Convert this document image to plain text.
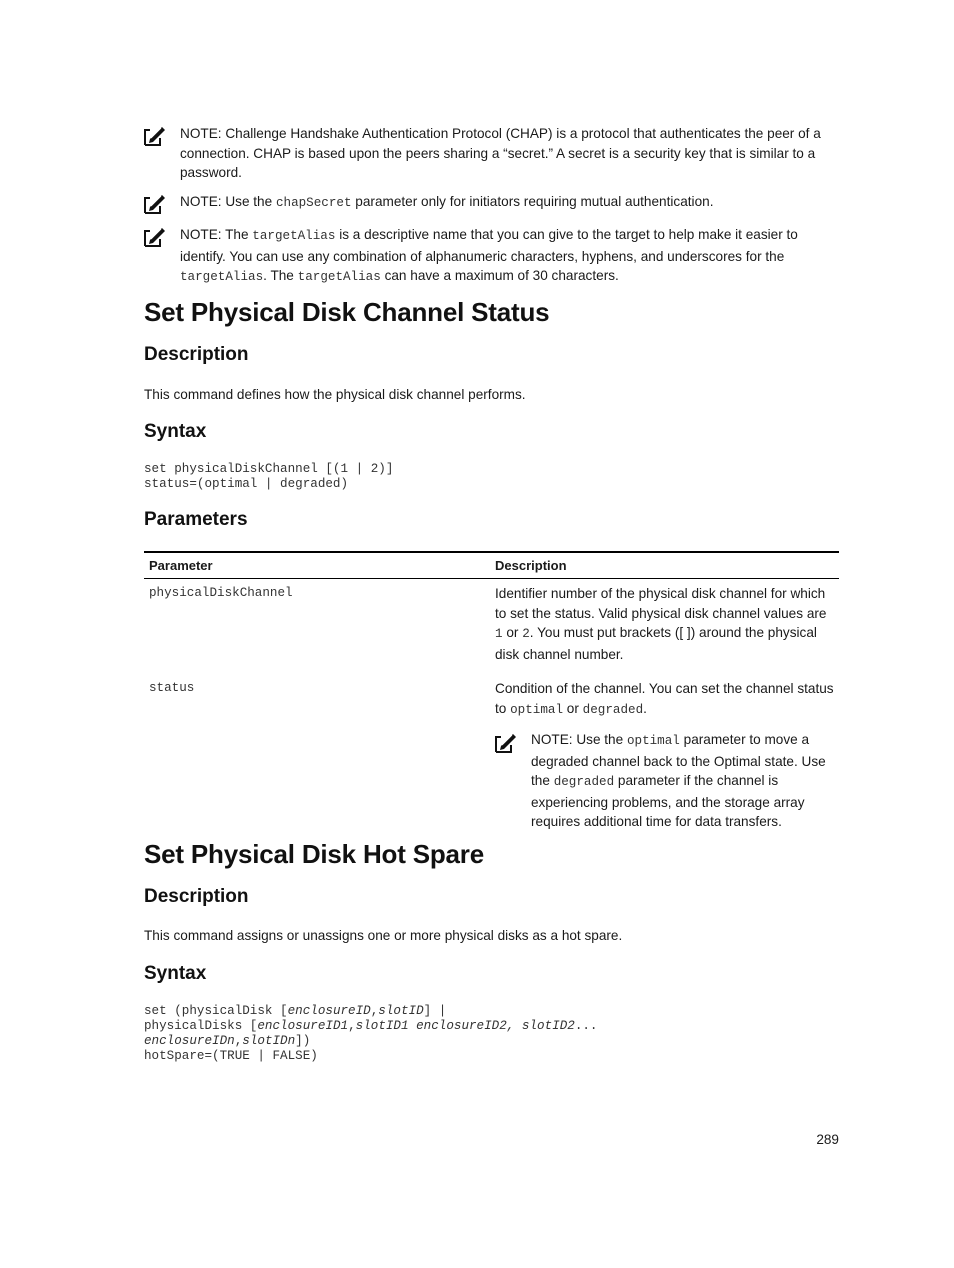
NOTE: Challenge Handshake Authentication Protocol (CHAP) is a protocol that authenticates the peer of a connection. CHAP is based upon the peers sharing a “secret.” A secret is a security key that is similar to a password.
NOTE: Use the chapSecret parameter only for initiators requiring mutual authentication.
NOTE: The targetAlias is a descriptive name that you can give to the target to help make it easier to identify. You can use any combination of alphanumeric characters, hyphens, and underscores for the targetAlias. The targetAlias can have a maximum of 30 characters.
Set Physical Disk Channel Status
Description
This command defines how the physical disk channel performs.
Syntax
set physicalDiskChannel [(1 | 2)]
status=(optimal | degraded)
Parameters
Parameter	Description
physicalDiskChannel	Identifier number of the physical disk channel for which to set the status. Valid physical disk channel values are 1 or 2. You must put brackets ([ ]) around the physical disk channel number.
status	Condition of the channel. You can set the channel status to optimal or degraded.
NOTE: Use the optimal parameter to move a degraded channel back to the Optimal state. Use the degraded parameter if the channel is experiencing problems, and the storage array requires additional time for data transfers.
Set Physical Disk Hot Spare
Description
This command assigns or unassigns one or more physical disks as a hot spare.
Syntax
set (physicalDisk [enclosureID,slotID] |
physicalDisks [enclosureID1,slotID1 enclosureID2, slotID2...
enclosureIDn,slotIDn])
hotSpare=(TRUE | FALSE)
289
